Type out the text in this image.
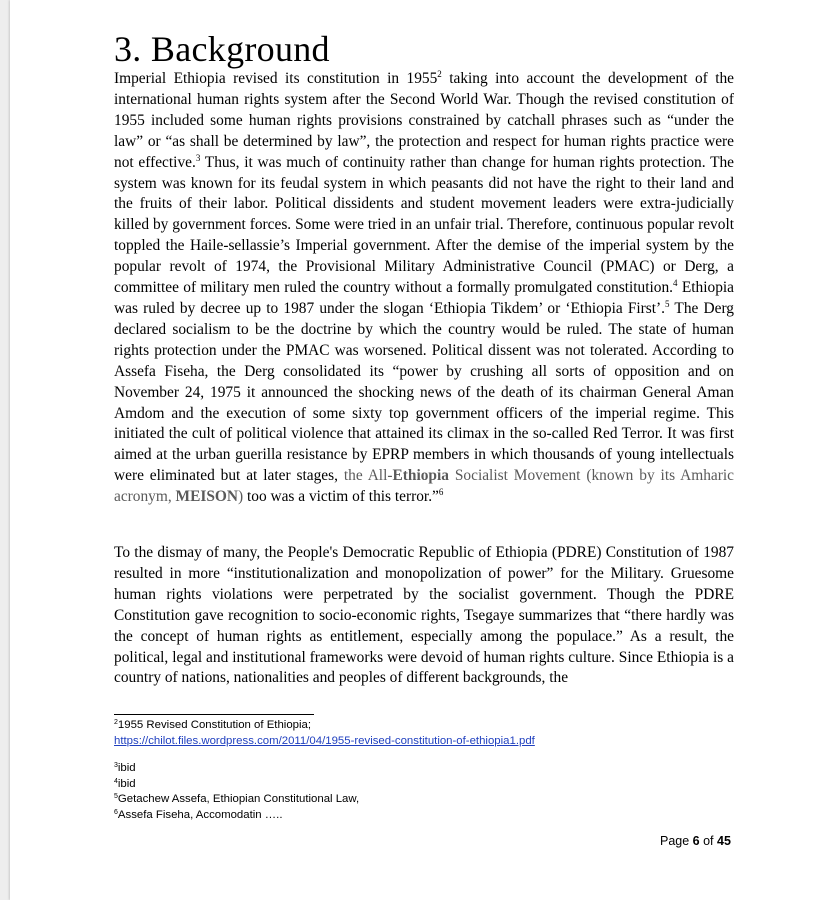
3. Background

Imperial Ethiopia revised its constitution in 1955$^2$ taking into account the development of the international human rights system after the Second World War. Though the revised constitution of 1955 included some human rights provisions constrained by catchall phrases such as “under the law” or “as shall be determined by law”, the protection and respect for human rights practice were not effective.$^3$ Thus, it was much of continuity rather than change for human rights protection. The system was known for its feudal system in which peasants did not have the right to their land and the fruits of their labor. Political dissidents and student movement leaders were extra-judicially killed by government forces. Some were tried in an unfair trial. Therefore, continuous popular revolt toppled the Haile-sellassie’s Imperial government. After the demise of the imperial system by the popular revolt of 1974, the Provisional Military Administrative Council (PMAC) or Derg, a committee of military men ruled the country without a formally promulgated constitution.$^4$ Ethiopia was ruled by decree up to 1987 under the slogan ‘Ethiopia Tikdem’ or ‘Ethiopia First’.$^5$ The Derg declared socialism to be the doctrine by which the country would be ruled. The state of human rights protection under the PMAC was worsened. Political dissent was not tolerated. According to Assefa Fiseha, the Derg consolidated its “power by crushing all sorts of opposition and on November 24, 1975 it announced the shocking news of the death of its chairman General Aman Amdom and the execution of some sixty top government officers of the imperial regime. This initiated the cult of political violence that attained its climax in the so-called Red Terror. It was first aimed at the urban guerilla resistance by EPRP members in which thousands of young intellectuals were eliminated but at later stages, the All-Ethiopia Socialist Movement (known by its Amharic acronym, MEISON) too was a victim of this terror.”$^6$

To the dismay of many, the People's Democratic Republic of Ethiopia (PDRE) Constitution of 1987 resulted in more “institutionalization and monopolization of power” for the Military. Gruesome human rights violations were perpetrated by the socialist government. Though the PDRE Constitution gave recognition to socio-economic rights, Tsegaye summarizes that “there hardly was the concept of human rights as entitlement, especially among the populace.” As a result, the political, legal and institutional frameworks were devoid of human rights culture. Since Ethiopia is a country of nations, nationalities and peoples of different backgrounds, the

$^2$1955 Revised Constitution of Ethiopia;
https://chilot.files.wordpress.com/2011/04/1955-revised-constitution-of-ethiopia1.pdf
$^3$ibid
$^4$ibid
$^5$Getachew Assefa, Ethiopian Constitutional Law,
$^6$Assefa Fiseha, Accomodatin …..
Page 6 of 45
